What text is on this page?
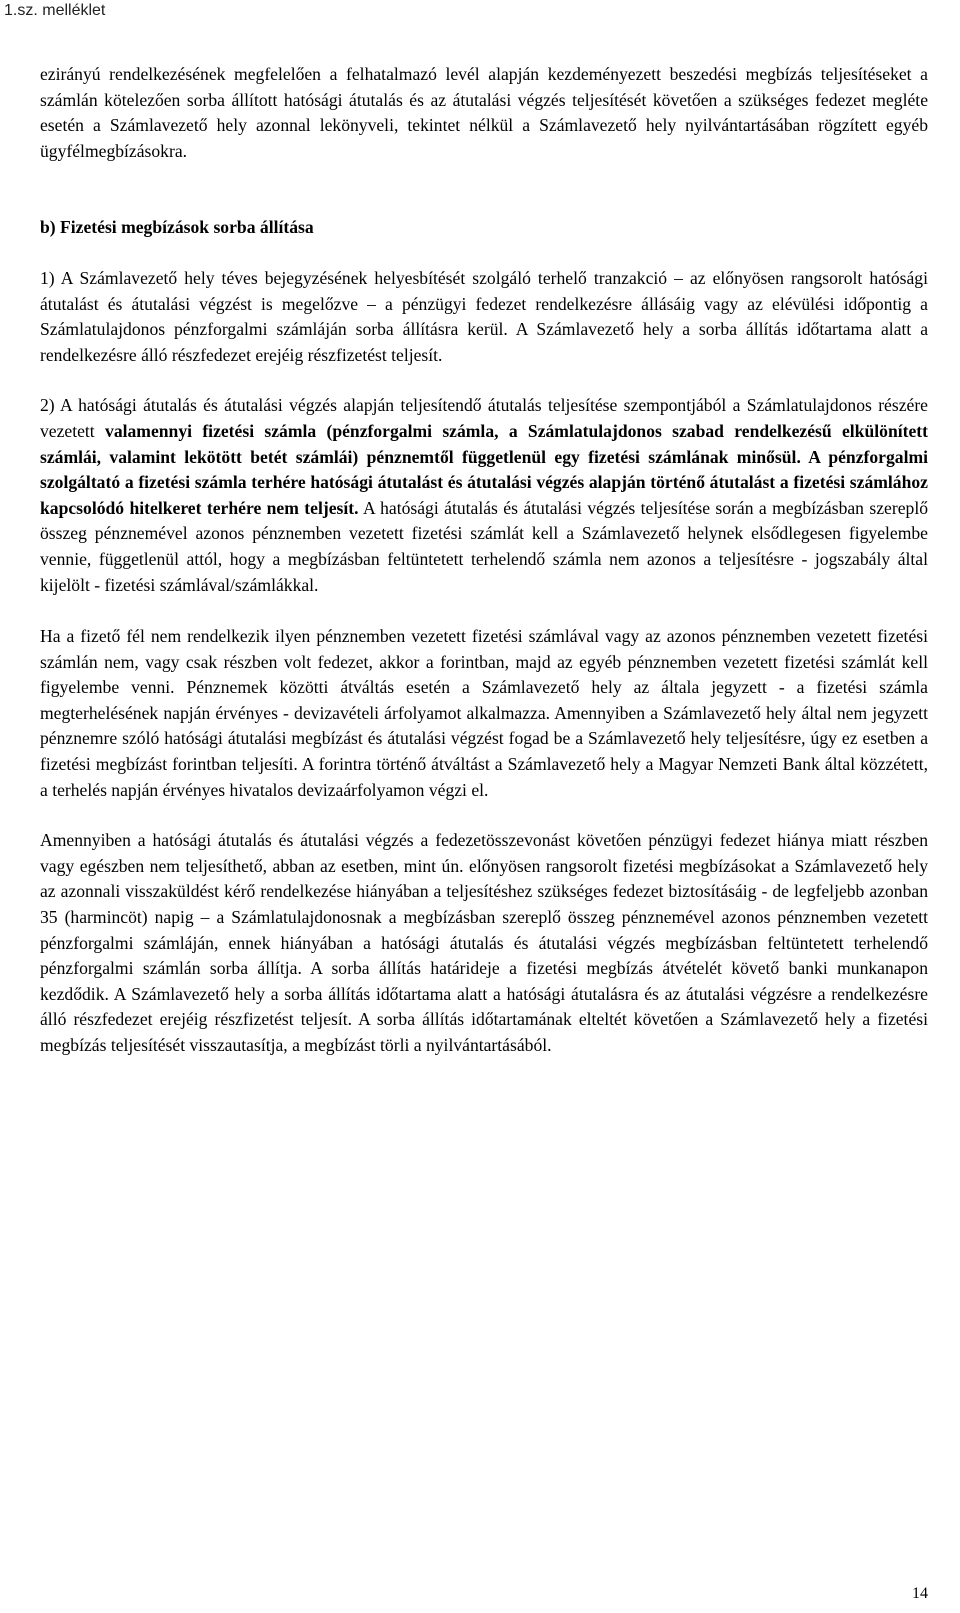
1.sz. melléklet

ezirányú rendelkezésének megfelelően a felhatalmazó levél alapján kezdeményezett beszedési megbízás teljesítéseket a számlán kötelezően sorba állított hatósági átutalás és az átutalási végzés teljesítését követően a szükséges fedezet megléte esetén a Számlavezető hely azonnal lekönyveli, tekintet nélkül a Számlavezető hely nyilvántartásában rögzített egyéb ügyfélmegbízásokra.

b) Fizetési megbízások sorba állítása

1) A Számlavezető hely téves bejegyzésének helyesbítését szolgáló terhelő tranzakció – az előnyösen rangsorolt hatósági átutalást és átutalási végzést is megelőzve – a pénzügyi fedezet rendelkezésre állásáig vagy az elévülési időpontig a Számlatulajdonos pénzforgalmi számláján sorba állításra kerül. A Számlavezető hely a sorba állítás időtartama alatt a rendelkezésre álló részfedezet erejéig részfizetést teljesít.

2) A hatósági átutalás és átutalási végzés alapján teljesítendő átutalás teljesítése szempontjából a Számlatulajdonos részére vezetett valamennyi fizetési számla (pénzforgalmi számla, a Számlatulajdonos szabad rendelkezésű elkülönített számlái, valamint lekötött betét számlái) pénznemtől függetlenül egy fizetési számlának minősül. A pénzforgalmi szolgáltató a fizetési számla terhére hatósági átutalást és átutalási végzés alapján történő átutalást a fizetési számlához kapcsolódó hitelkeret terhére nem teljesít. A hatósági átutalás és átutalási végzés teljesítése során a megbízásban szereplő összeg pénznemével azonos pénznemben vezetett fizetési számlát kell a Számlavezető helynek elsődlegesen figyelembe vennie, függetlenül attól, hogy a megbízásban feltüntetett terhelendő számla nem azonos a teljesítésre - jogszabály által kijelölt - fizetési számlával/számlákkal.

Ha a fizető fél nem rendelkezik ilyen pénznemben vezetett fizetési számlával vagy az azonos pénznemben vezetett fizetési számlán nem, vagy csak részben volt fedezet, akkor a forintban, majd az egyéb pénznemben vezetett fizetési számlát kell figyelembe venni. Pénznemek közötti átváltás esetén a Számlavezető hely az általa jegyzett - a fizetési számla megterhelésének napján érvényes - devizavételi árfolyamot alkalmazza. Amennyiben a Számlavezető hely által nem jegyzett pénznemre szóló hatósági átutalási megbízást és átutalási végzést fogad be a Számlavezető hely teljesítésre, úgy ez esetben a fizetési megbízást forintban teljesíti. A forintra történő átváltást a Számlavezető hely a Magyar Nemzeti Bank által közzétett, a terhelés napján érvényes hivatalos devizaárfolyamon végzi el.

Amennyiben a hatósági átutalás és átutalási végzés a fedezetösszevonást követően pénzügyi fedezet hiánya miatt részben vagy egészben nem teljesíthető, abban az esetben, mint ún. előnyösen rangsorolt fizetési megbízásokat a Számlavezető hely az azonnali visszaküldést kérő rendelkezése hiányában a teljesítéshez szükséges fedezet biztosításáig - de legfeljebb azonban 35 (harmincöt) napig – a Számlatulajdonosnak a megbízásban szereplő összeg pénznemével azonos pénznemben vezetett pénzforgalmi számláján, ennek hiányában a hatósági átutalás és átutalási végzés megbízásban feltüntetett terhelendő pénzforgalmi számlán sorba állítja. A sorba állítás határideje a fizetési megbízás átvételét követő banki munkanapon kezdődik. A Számlavezető hely a sorba állítás időtartama alatt a hatósági átutalásra és az átutalási végzésre a rendelkezésre álló részfedezet erejéig részfizetést teljesít. A sorba állítás időtartamának elteltét követően a Számlavezető hely a fizetési megbízás teljesítését visszautasítja, a megbízást törli a nyilvántartásából.

14
